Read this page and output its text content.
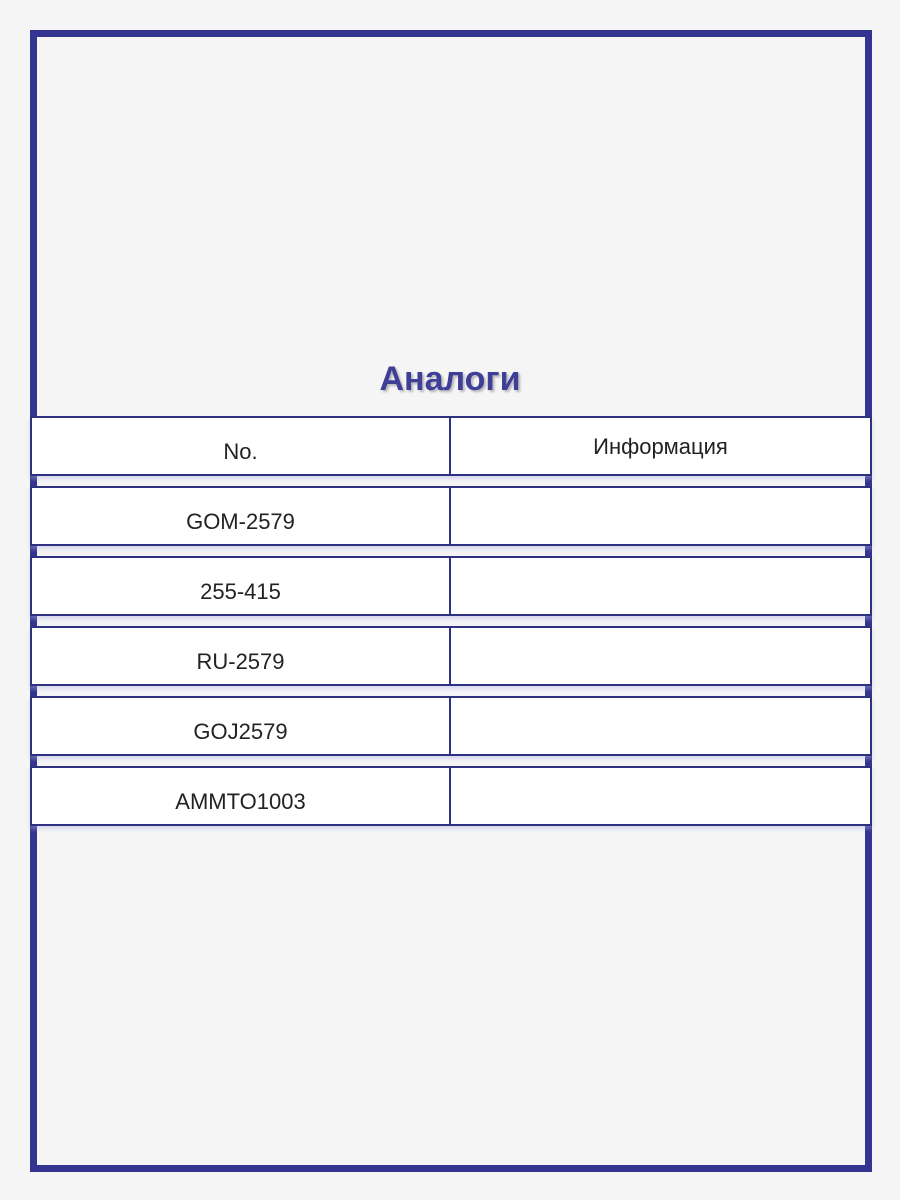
Аналоги
No.	Информация
GOM-2579
255-415
RU-2579
GOJ2579
AMMTO1003
